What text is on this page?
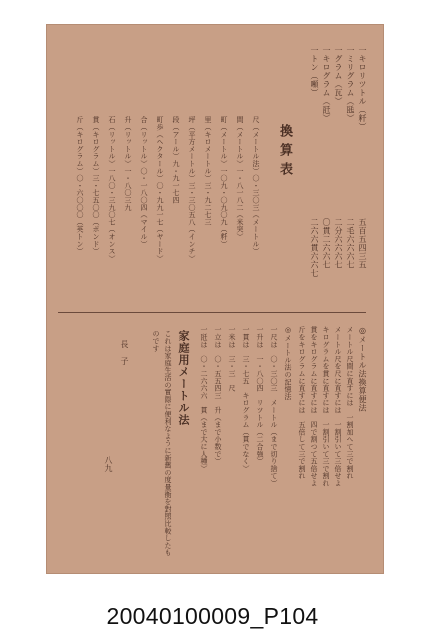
換算表
一キロリツトル（粁）
一ミリグラム（瓱）
一グラム（瓦）
一キログラム（瓩）
一トン（噸）
五百五四三五
二毛六六六七
二分六六六七
〇貫二六六七
二六六貫六六七
尺（メートル法）〇・三〇三（メートル）
間（メートル）一・八一八二（米突）
町（メートル）一〇九・〇九〇九（粁）
里（キロメートル）三・九二七三
坪（平方メートル）三・三〇五八（インチ）
段（アール）九・九一七四
町歩（ヘクタール）〇・九九一七（ヤード）
合（リットル）〇・一八〇四（マイル）
升（リットル）一・八〇三九
石（リットル）一八〇・三九〇七（オンス）
貫（キログラム）三・七五〇〇（ポンド）
斤（キログラム）〇・六〇〇〇（英トン）
◎メートル法換算便法
メートル尺間に直すには　一割加へて三で割れ
メートル尺を尺に直すには　一割引いて三倍せよ
キログラムを貫に直すには　一割引いて三で割れ
貫をキログラムに直すには　四で割つて五倍せよ
斤をキログラムに直すには　五倍して三で割れ
◎メートル法の記憶法
一尺は　〇・三〇三　メートル（まで切り捨て）
一升は　一・八〇四　リツトル（二合強）
一貫は　三・七五　キログラム（貫でなく）
一米は　三・三　尺
一立は　〇・五五四三　升（まで小数で）
一瓩は　〇・二六六六　貫（まで大に人種）
家庭用メートル法
これは家庭生活の實際に便利なように新舊の度量衡を對照比較したものです
長　子
八九
20040100009_P104
